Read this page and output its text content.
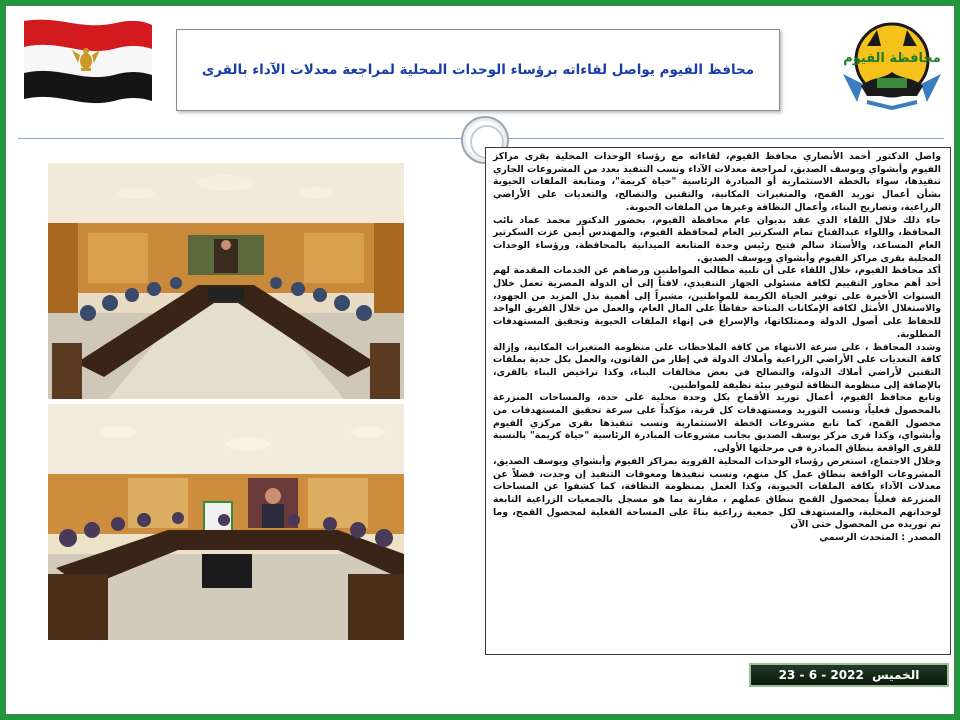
محافظة الفيوم
محافظ الفيوم يواصل لقاءاته برؤساء الوحدات المحلية لمراجعة معدلات الآداء بالقرى

واصل الدكتور أحمد الأنصاري محافظ الفيوم، لقاءاته مع رؤساء الوحدات المحلية بقرى مراكز الفيوم وأبشواي ويوسف الصديق، لمراجعة معدلات الآداء ونسب التنفيذ بعدد من المشروعات الجاري تنفيذها، سواء بالخطة الاستثمارية أو المبادرة الرئاسية "حياة كريمة"، ومتابعة الملفات الحيوية بشأن أعمال توريد القمح، والمتغيرات المكانية، والتقنين والتصالح، والتعديات على الأراضي الزراعية، وتصاريح البناء، وأعمال النظافة وغيرها من الملفات الحيوية.

جاء ذلك خلال اللقاء الذي عقد بديوان عام محافظة الفيوم، بحضور الدكتور محمد عماد نائب المحافظ، واللواء عبدالفتاح تمام السكرتير العام لمحافظة الفيوم، والمهندس أيمن عزت السكرتير العام المساعد، والأستاذ سالم فتيح رئيس وحدة المتابعة الميدانية بالمحافظة، ورؤساء الوحدات المحلية بقرى مراكز الفيوم وأبشواي ويوسف الصديق.

أكد محافظ الفيوم، خلال اللقاء على أن تلبية مطالب المواطنين ورضاهم عن الخدمات المقدمة لهم أحد أهم محاور التقييم لكافة مسئولي الجهاز التنفيذي، لافتاً إلى أن الدولة المصرية تعمل خلال السنوات الأخيرة على توفير الحياة الكريمة للمواطنين، مشيراً إلى أهمية بذل المزيد من الجهود، والاستغلال الأمثل لكافة الإمكانات المتاحة حفاظاً على المال العام، والعمل من خلال الفريق الواحد للحفاظ على أصول الدولة وممتلكاتها، والإسراع في إنهاء الملفات الحيوية وتحقيق المستهدفات المطلوبة.

وشدد المحافظ ، على سرعة الانتهاء من كافة الملاحظات على منظومة المتغيرات المكانية، وإزالة كافة التعديات على الأراضي الزراعية وأملاك الدولة في إطار من القانون، والعمل بكل جدية بملفات التقنين لأراضي أملاك الدولة، والتصالح في بعض مخالفات البناء، وكذا تراخيص البناء بالقرى، بالإضافة إلى منظومة النظافة لتوفير بيئة نظيفة للمواطنين.

وتابع محافظ الفيوم، أعمال توريد الأقماح بكل وحدة محلية على حدة، والمساحات المنزرعة بالمحصول فعلياً، ونسب التوريد ومستهدفات كل قرية، مؤكداً على سرعة تحقيق المستهدفات من محصول القمح، كما تابع مشروعات الخطة الاستثمارية ونسب تنفيذها بقرى مركزي الفيوم وأبشواي، وكذا قرى مركز يوسف الصديق بجانب مشروعات المبادرة الرئاسية "حياة كريمة" بالنسبة للقرى الواقعة بنطاق المبادرة في مرحلتها الأولى.

وخلال الاجتماع، استعرض رؤساء الوحدات المحلية القروية بمراكز الفيوم وأبشواي ويوسف الصديق، المشروعات الواقعة بنطاق عمل كل منهم، ونسب تنفيذها ومعوقات التنفيذ إن وجدت، فضلاً عن معدلات الآداء بكافة الملفات الحيوية، وكذا العمل بمنظومة النظافة، كما كشفوا عن المساحات المنزرعة فعلياً بمحصول القمح بنطاق عملهم ، مقارنة بما هو مسجل بالجمعيات الزراعية التابعة لوحداتهم المحلية، والمستهدف لكل جمعية زراعية بناءً على المساحة الفعلية لمحصول القمح، وما تم توريده من المحصول حتى الآن

المصدر : المتحدث الرسمي

الخميس

23 - 6 - 2022
